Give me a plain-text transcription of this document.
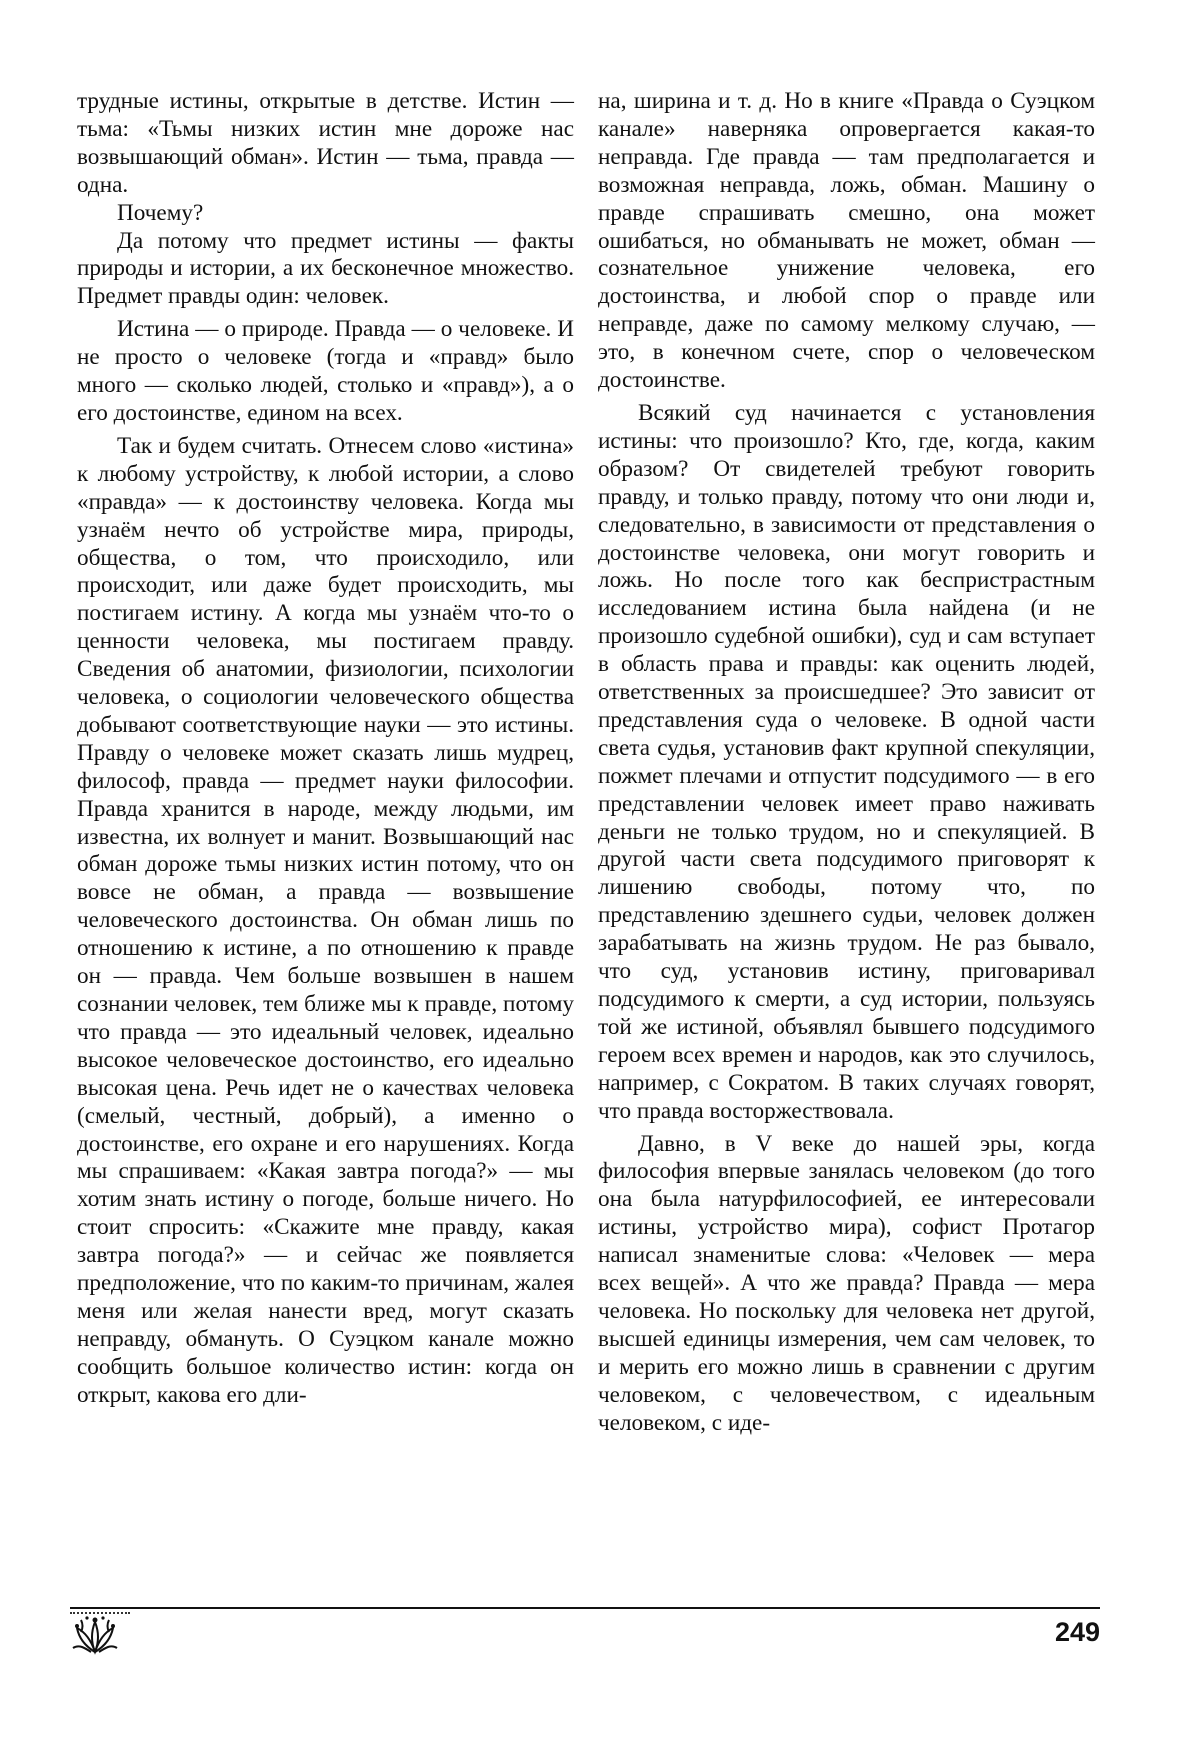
трудные истины, открытые в детстве. Истин — тьма: «Тьмы низких истин мне дороже нас возвышающий обман». Истин — тьма, правда — одна.

Почему?

Да потому что предмет истины — факты природы и истории, а их бесконечное множество. Предмет правды один: человек.

Истина — о природе. Правда — о человеке. И не просто о человеке (тогда и «правд» было много — сколько людей, столько и «правд»), а о его достоинстве, едином на всех.

Так и будем считать. Отнесем слово «истина» к любому устройству, к любой истории, а слово «правда» — к достоинству человека. Когда мы узнаём нечто об устройстве мира, природы, общества, о том, что происходило, или происходит, или даже будет происходить, мы постигаем истину. А когда мы узнаём что-то о ценности человека, мы постигаем правду. Сведения об анатомии, физиологии, психологии человека, о социологии человеческого общества добывают соответствующие науки — это истины. Правду о человеке может сказать лишь мудрец, философ, правда — предмет науки философии. Правда хранится в народе, между людьми, им известна, их волнует и манит. Возвышающий нас обман дороже тьмы низких истин потому, что он вовсе не обман, а правда — возвышение человеческого достоинства. Он обман лишь по отношению к истине, а по отношению к правде он — правда. Чем больше возвышен в нашем сознании человек, тем ближе мы к правде, потому что правда — это идеальный человек, идеально высокое человеческое достоинство, его идеально высокая цена. Речь идет не о качествах человека (смелый, честный, добрый), а именно о достоинстве, его охране и его нарушениях. Когда мы спрашиваем: «Какая завтра погода?» — мы хотим знать истину о погоде, больше ничего. Но стоит спросить: «Скажите мне правду, какая завтра погода?» — и сейчас же появляется предположение, что по каким-то причинам, жалея меня или желая нанести вред, могут сказать неправду, обмануть. О Суэцком канале можно сообщить большое количество истин: когда он открыт, какова его дли-

на, ширина и т. д. Но в книге «Правда о Суэцком канале» наверняка опровергается какая-то неправда. Где правда — там предполагается и возможная неправда, ложь, обман. Машину о правде спрашивать смешно, она может ошибаться, но обманывать не может, обман — сознательное унижение человека, его достоинства, и любой спор о правде или неправде, даже по самому мелкому случаю, — это, в конечном счете, спор о человеческом достоинстве.

Всякий суд начинается с установления истины: что произошло? Кто, где, когда, каким образом? От свидетелей требуют говорить правду, и только правду, потому что они люди и, следовательно, в зависимости от представления о достоинстве человека, они могут говорить и ложь. Но после того как беспристрастным исследованием истина была найдена (и не произошло судебной ошибки), суд и сам вступает в область права и правды: как оценить людей, ответственных за происшедшее? Это зависит от представления суда о человеке. В одной части света судья, установив факт крупной спекуляции, пожмет плечами и отпустит подсудимого — в его представлении человек имеет право наживать деньги не только трудом, но и спекуляцией. В другой части света подсудимого приговорят к лишению свободы, потому что, по представлению здешнего судьи, человек должен зарабатывать на жизнь трудом. Не раз бывало, что суд, установив истину, приговаривал подсудимого к смерти, а суд истории, пользуясь той же истиной, объявлял бывшего подсудимого героем всех времен и народов, как это случилось, например, с Сократом. В таких случаях говорят, что правда восторжествовала.

Давно, в V веке до нашей эры, когда философия впервые занялась человеком (до того она была натурфилософией, ее интересовали истины, устройство мира), софист Протагор написал знаменитые слова: «Человек — мера всех вещей». А что же правда? Правда — мера человека. Но поскольку для человека нет другой, высшей единицы измерения, чем сам человек, то и мерить его можно лишь в сравнении с другим человеком, с человечеством, с идеальным человеком, с иде-

249
